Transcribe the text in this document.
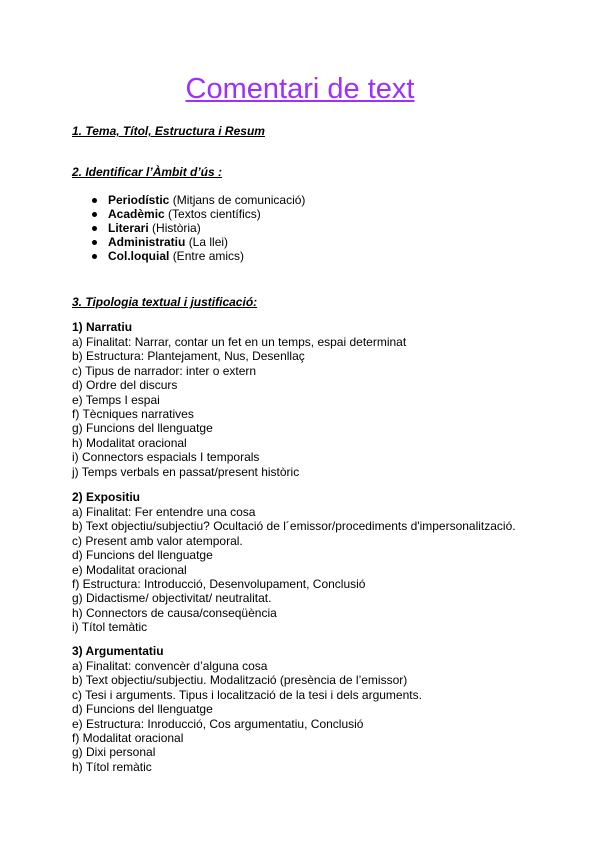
Comentari de text

1. Tema, Títol, Estructura i Resum

2. Identificar l’Àmbit d’ús :

Periodístic (Mitjans de comunicació)
Acadèmic (Textos científics)
Literari (Història)
Administratiu (La llei)
Col.loquial (Entre amics)

3. Tipologia textual i justificació:

1) Narratiu
a) Finalitat: Narrar, contar un fet en un temps, espai determinat
b) Estructura: Plantejament, Nus, Desenllaç
c) Tipus de narrador: inter o extern
d) Ordre del discurs
e) Temps I espai
f) Tècniques narratives
g) Funcions del llenguatge
h) Modalitat oracional
i) Connectors espacials I temporals
j) Temps verbals en passat/present històric
2) Expositiu
a) Finalitat: Fer entendre una cosa
b) Text objectiu/subjectiu? Ocultació de l´emissor/procediments d'impersonalització.
c) Present amb valor atemporal.
d) Funcions del llenguatge
e) Modalitat oracional
f) Estructura: Introducció, Desenvolupament, Conclusió
g) Didactisme/ objectivitat/ neutralitat.
h) Connectors de causa/conseqüència
i) Títol temàtic
3) Argumentatiu
a) Finalitat: convencèr d’alguna cosa
b) Text objectiu/subjectiu. Modalització (presència de l’emissor)
c) Tesi i arguments. Tipus i localització de la tesi i dels arguments.
d) Funcions del llenguatge
e) Estructura: Inroducció, Cos argumentatiu, Conclusió
f) Modalitat oracional
g) Dixi personal
h) Títol remàtic
